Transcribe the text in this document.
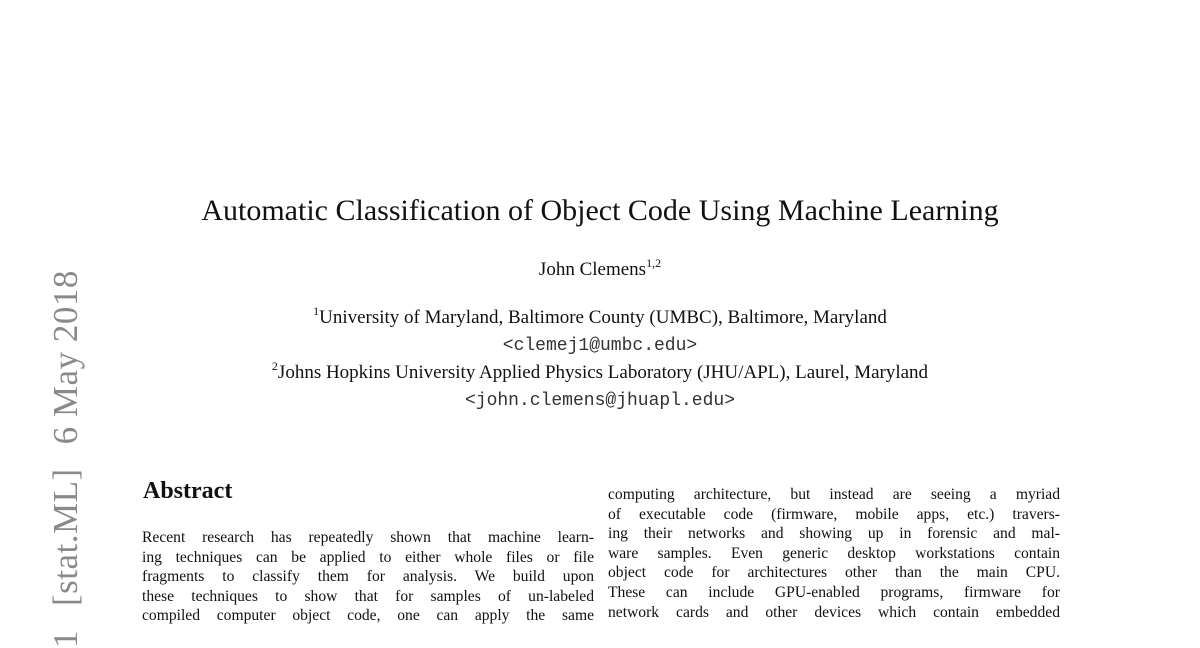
1[stat.ML]6 May 2018
Automatic Classification of Object Code Using Machine Learning
John Clemens$^{1,2}$
$^1$University of Maryland, Baltimore County (UMBC), Baltimore, Maryland
<clemej1@umbc.edu>
$^2$Johns Hopkins University Applied Physics Laboratory (JHU/APL), Laurel, Maryland
<john.clemens@jhuapl.edu>
Abstract
Recent research has repeatedly shown that machine learn-
ing techniques can be applied to either whole files or file
fragments to classify them for analysis. We build upon
these techniques to show that for samples of un-labeled
compiled computer object code, one can apply the same
computing architecture, but instead are seeing a myriad
of executable code (firmware, mobile apps, etc.) travers-
ing their networks and showing up in forensic and mal-
ware samples. Even generic desktop workstations contain
object code for architectures other than the main CPU.
These can include GPU-enabled programs, firmware for
network cards and other devices which contain embedded
